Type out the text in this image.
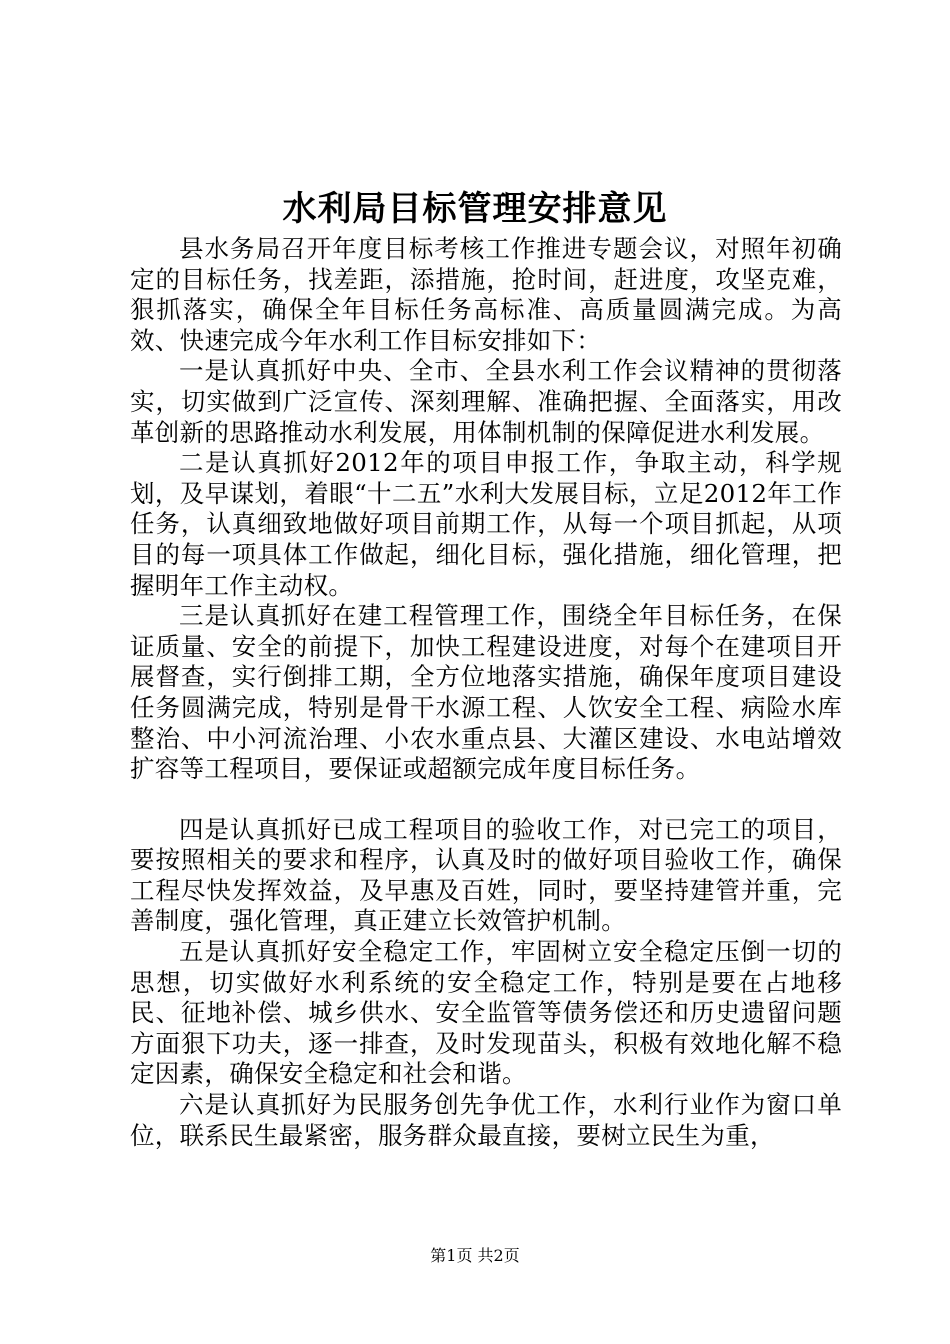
水利局目标管理安排意见

县水务局召开年度目标考核工作推进专题会议，对照年初确定的目标任务，找差距，添措施，抢时间，赶进度，攻坚克难，狠抓落实，确保全年目标任务高标准、高质量圆满完成。为高效、快速完成今年水利工作目标安排如下：

一是认真抓好中央、全市、全县水利工作会议精神的贯彻落实，切实做到广泛宣传、深刻理解、准确把握、全面落实，用改革创新的思路推动水利发展，用体制机制的保障促进水利发展。

二是认真抓好2012年的项目申报工作，争取主动，科学规划，及早谋划，着眼“十二五”水利大发展目标，立足2012年工作任务，认真细致地做好项目前期工作，从每一个项目抓起，从项目的每一项具体工作做起，细化目标，强化措施，细化管理，把握明年工作主动权。

三是认真抓好在建工程管理工作，围绕全年目标任务，在保证质量、安全的前提下，加快工程建设进度，对每个在建项目开展督查，实行倒排工期，全方位地落实措施，确保年度项目建设任务圆满完成，特别是骨干水源工程、人饮安全工程、病险水库整治、中小河流治理、小农水重点县、大灌区建设、水电站增效扩容等工程项目，要保证或超额完成年度目标任务。

四是认真抓好已成工程项目的验收工作，对已完工的项目，要按照相关的要求和程序，认真及时的做好项目验收工作，确保工程尽快发挥效益，及早惠及百姓，同时，要坚持建管并重，完善制度，强化管理，真正建立长效管护机制。

五是认真抓好安全稳定工作，牢固树立安全稳定压倒一切的思想，切实做好水利系统的安全稳定工作，特别是要在占地移民、征地补偿、城乡供水、安全监管等债务偿还和历史遗留问题方面狠下功夫，逐一排查，及时发现苗头，积极有效地化解不稳定因素，确保安全稳定和社会和谐。

六是认真抓好为民服务创先争优工作，水利行业作为窗口单位，联系民生最紧密，服务群众最直接，要树立民生为重，

第1页 共2页
